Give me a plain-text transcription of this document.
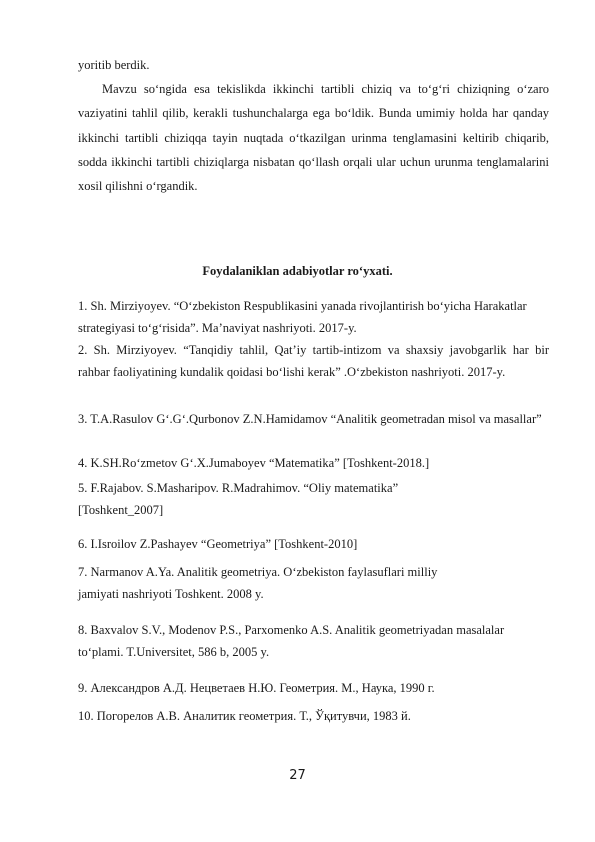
yoritib berdik.

Mavzu so‘ngida esa tekislikda ikkinchi tartibli chiziq va to‘g‘ri chiziqning o‘zaro vaziyatini tahlil qilib, kerakli tushunchalarga ega bo‘ldik. Bunda umimiy holda har qanday ikkinchi tartibli chiziqqa tayin nuqtada o‘tkazilgan urinma tenglamasini keltirib chiqarib, sodda ikkinchi tartibli chiziqlarga nisbatan qo‘llash orqali ular uchun urunma tenglamalarini xosil qilishni o‘rgandik.

Foydalaniklan adabiyotlar ro‘yxati.

1. Sh. Mirziyoyev. “O‘zbekiston Respublikasini yanada rivojlantirish bo‘yicha Harakatlar strategiyasi to‘g‘risida”. Ma’naviyat nashriyoti. 2017-y.

2. Sh. Mirziyoyev. “Tanqidiy tahlil, Qat’iy tartib-intizom va shaxsiy javobgarlik har bir rahbar faoliyatining kundalik qoidasi bo‘lishi kerak” .O‘zbekiston nashriyoti. 2017-y.

3. T.A.Rasulov G‘.G‘.Qurbonov Z.N.Hamidamov “Analitik geometradan misol va masallar”

4. K.SH.Ro‘zmetov G‘.X.Jumaboyev “Matematika” [Toshkent-2018.]

5. F.Rajabov. S.Masharipov. R.Madrahimov. “Oliy matematika” [Toshkent_2007]

6. I.Isroilov Z.Pashayev “Geometriya” [Toshkent-2010]

7. Narmanov A.Ya. Analitik geometriya. O‘zbekiston faylasuflari milliy jamiyati nashriyoti Toshkent. 2008 y.

8. Baxvalov S.V., Modenov P.S., Parxomenko A.S. Analitik geometriyadan masalalar to‘plami. T.Universitet, 586 b, 2005 y.

9. Александров А.Д. Нецветаев Н.Ю. Геометрия. М., Наука, 1990 г.

10. Погорелов А.В. Аналитик геометрия. Т., Ўқитувчи, 1983 й.

27
